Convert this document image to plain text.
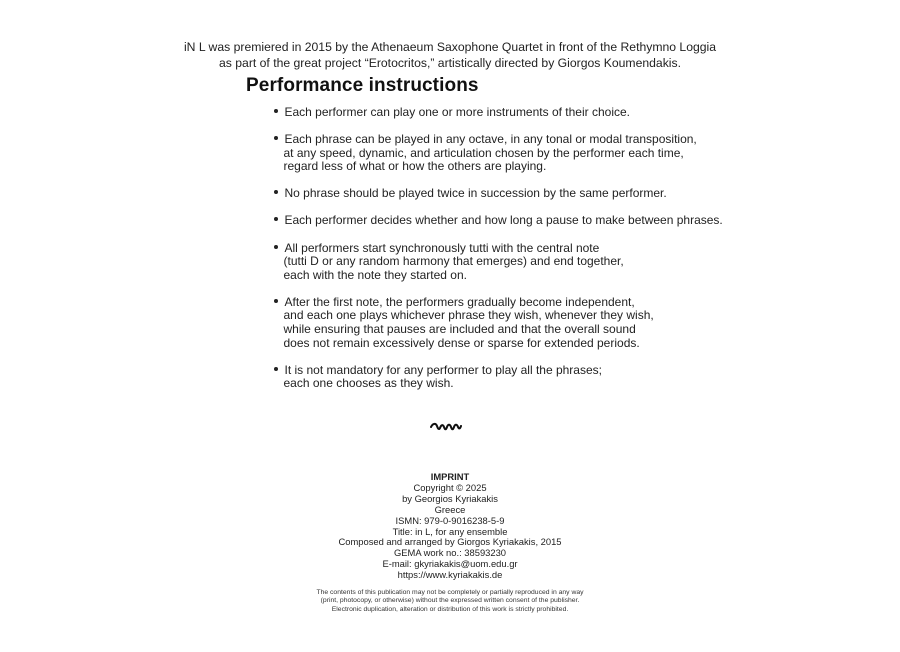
iN L was premiered in 2015 by the Athenaeum Saxophone Quartet in front of the Rethymno Loggia
as part of the great project “Erotocritos,” artistically directed by Giorgos Koumendakis.
Performance instructions
Each performer can play one or more instruments of their choice.
Each phrase can be played in any octave, in any tonal or modal transposition,
at any speed, dynamic, and articulation chosen by the performer each time,
regard less of what or how the others are playing.
No phrase should be played twice in succession by the same performer.
Each performer decides whether and how long a pause to make between phrases.
All performers start synchronously tutti with the central note
(tutti D or any random harmony that emerges) and end together,
each with the note they started on.
After the first note, the performers gradually become independent,
and each one plays whichever phrase they wish, whenever they wish,
while ensuring that pauses are included and that the overall sound
does not remain excessively dense or sparse for extended periods.
It is not mandatory for any performer to play all the phrases;
each one chooses as they wish.
IMPRINT
Copyright © 2025
by Georgios Kyriakakis
Greece
ISMN: 979-0-9016238-5-9
Title: in L, for any ensemble
Composed and arranged by Giorgos Kyriakakis, 2015
GEMA work no.: 38593230
E-mail: gkyriakakis@uom.edu.gr
https://www.kyriakakis.de
The contents of this publication may not be completely or partially reproduced in any way
(print, photocopy, or otherwise) without the expressed written consent of the publisher.
Electronic duplication, alteration or distribution of this work is strictly prohibited.
